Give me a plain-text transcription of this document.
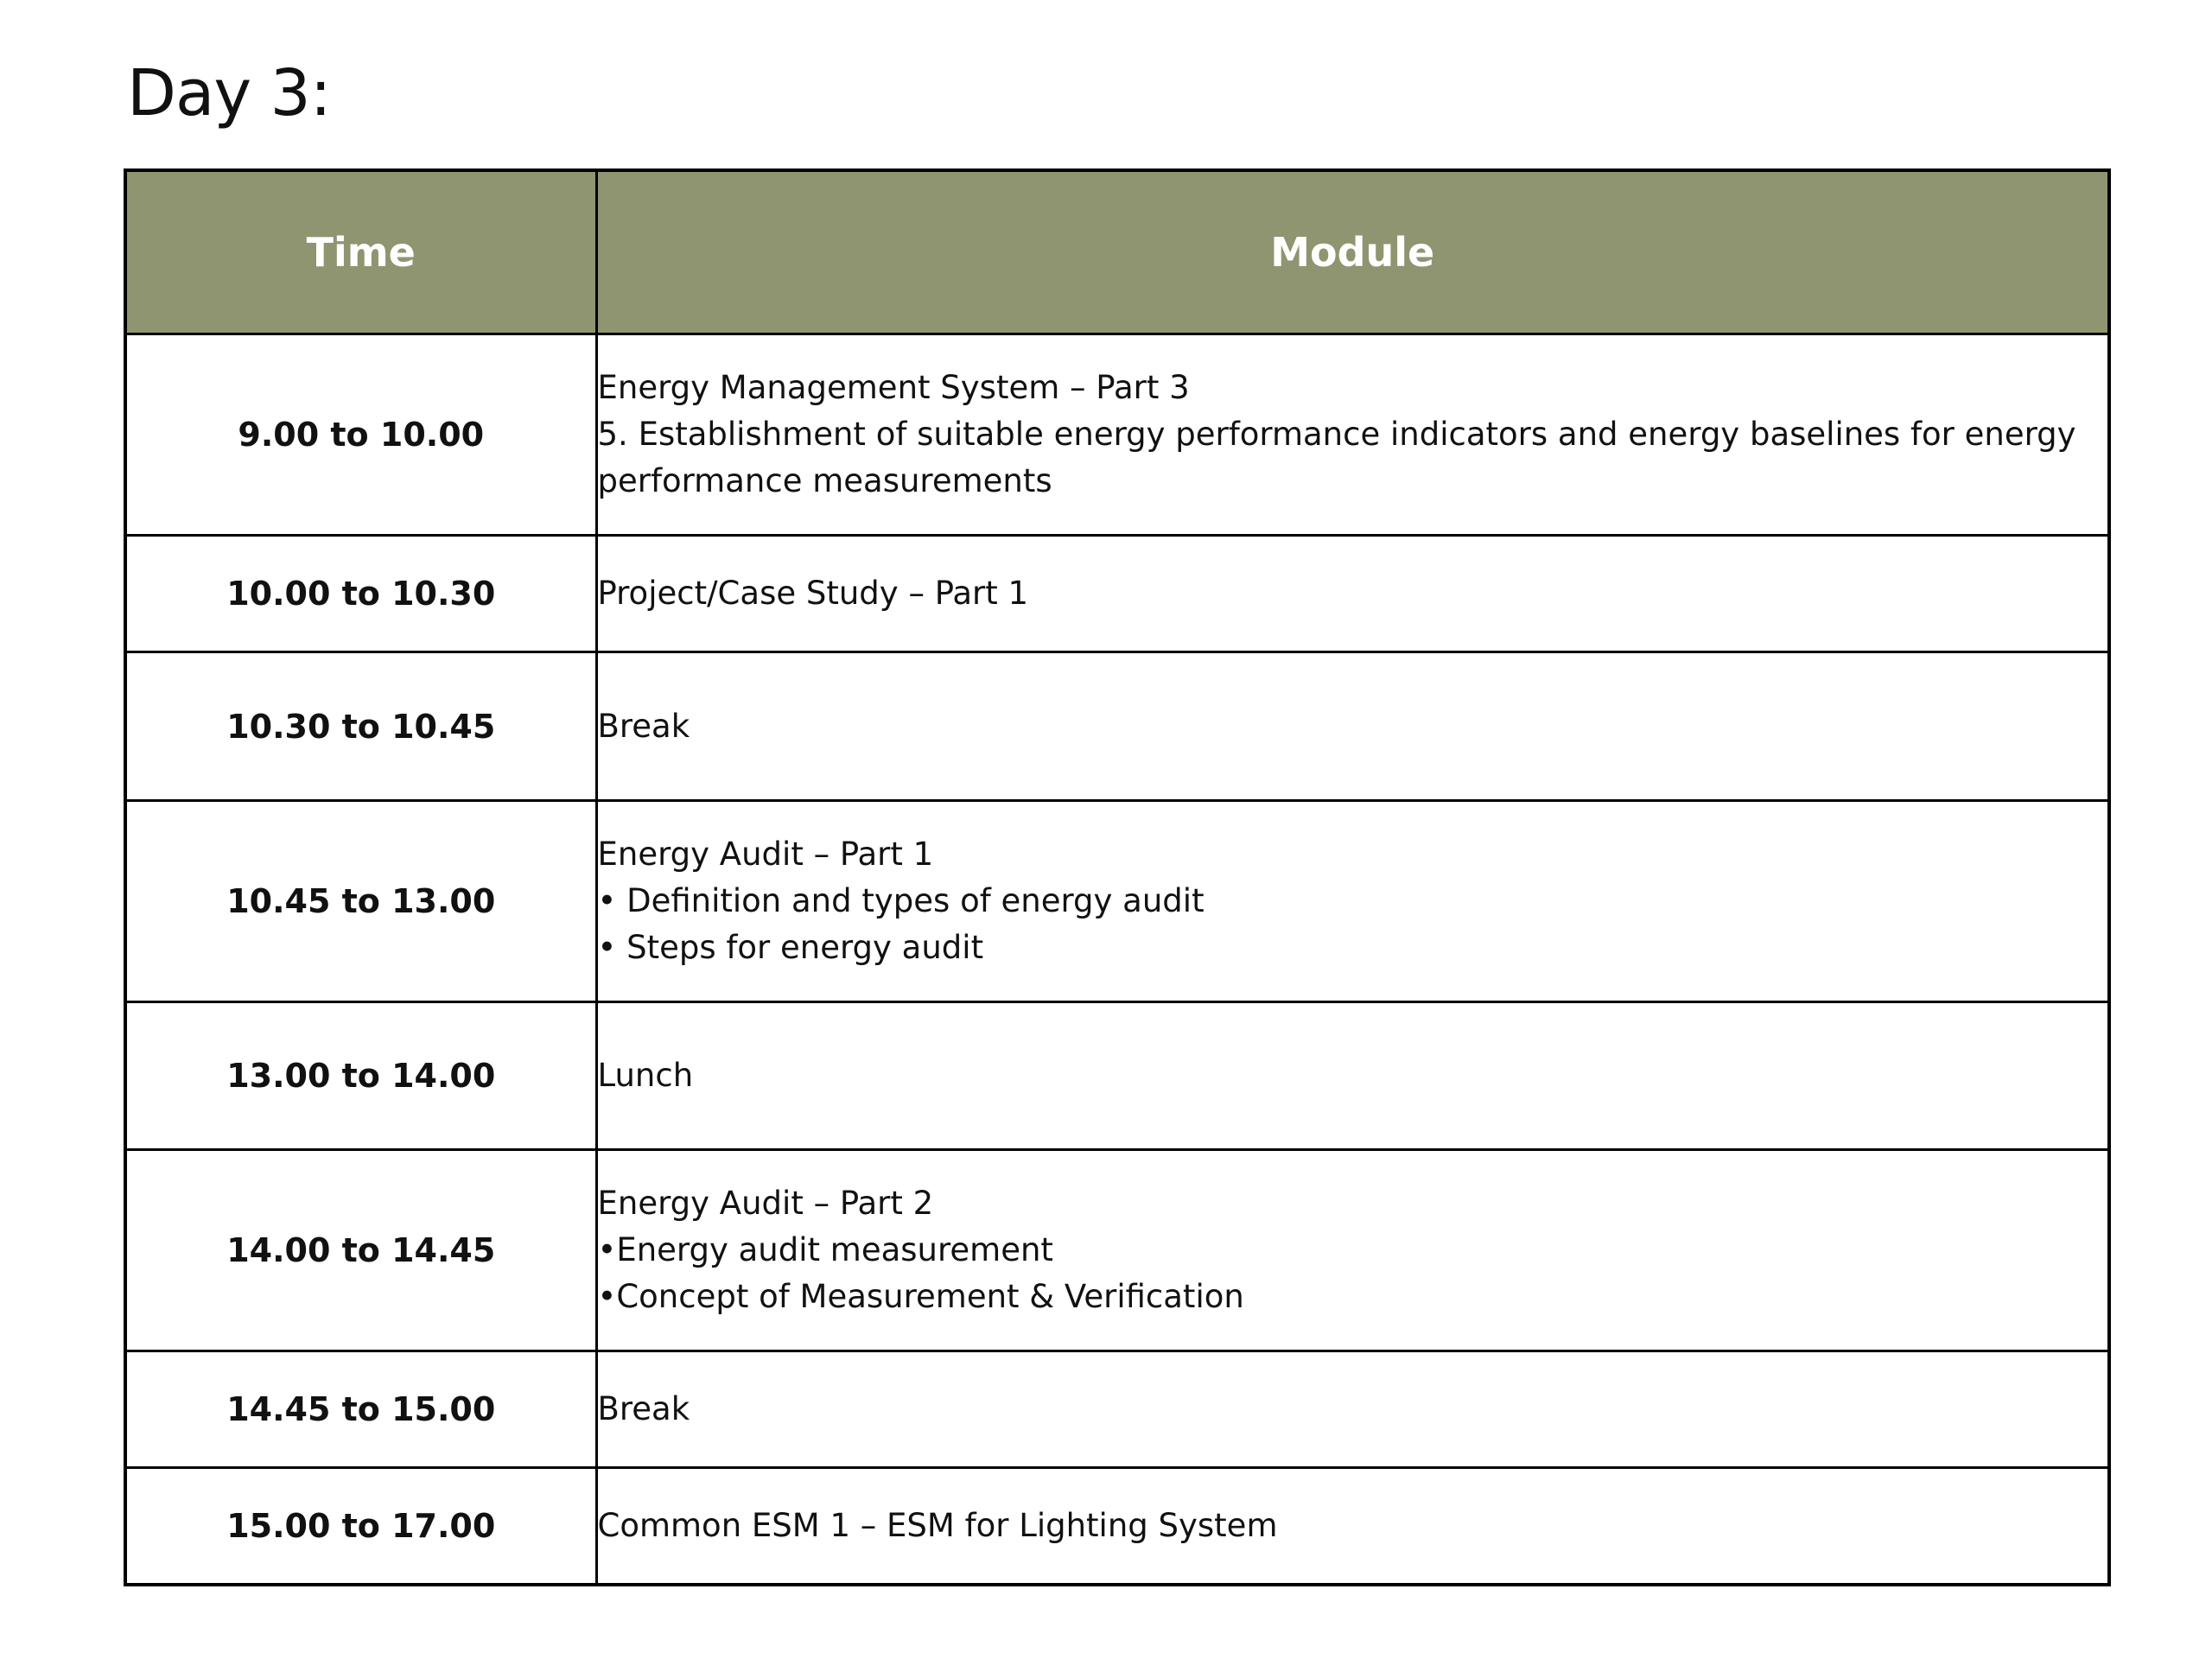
Day 3:
Time	Module
9.00 to 10.00	Energy Management System – Part 3
5. Establishment of suitable energy performance indicators and energy baselines for energy performance measurements

10.00 to 10.30	Project/Case Study – Part 1

10.30 to 10.45	Break

10.45 to 13.00	Energy Audit – Part 1
• Definition and types of energy audit
• Steps for energy audit

13.00 to 14.00	Lunch

14.00 to 14.45	Energy Audit – Part 2
•Energy audit measurement
•Concept of Measurement & Verification

14.45 to 15.00	Break

15.00 to 17.00	Common ESM 1 – ESM for Lighting System
